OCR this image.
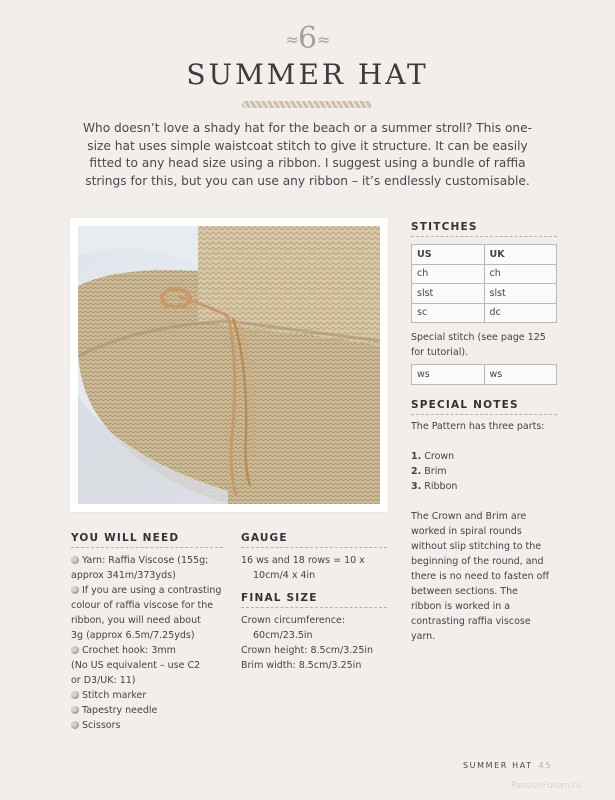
≈6≈
SUMMER HAT
Who doesn’t love a shady hat for the beach or a summer stroll? This one-size hat uses simple waistcoat stitch to give it structure. It can be easily fitted to any head size using a ribbon. I suggest using a bundle of raffia strings for this, but you can use any ribbon – it’s endlessly customisable.
STITCHES
US	UK
ch	ch
slst	slst
sc	dc
Special stitch (see page 125 for tutorial).
ws	ws
SPECIAL NOTES
The Pattern has three parts:
1. Crown
2. Brim
3. Ribbon
The Crown and Brim are worked in spiral rounds without slip stitching to the beginning of the round, and there is no need to fasten off between sections. The ribbon is worked in a contrasting raffia viscose yarn.
YOU WILL NEED
Yarn: Raffia Viscose (155g;
approx 341m/373yds)
If you are using a contrasting
colour of raffia viscose for the
ribbon, you will need about
3g (approx 6.5m/7.25yds)
Crochet hook: 3mm
(No US equivalent – use C2
or D3/UK: 11)
Stitch marker
Tapestry needle
Scissors
GAUGE
16 ws and 18 rows = 10 x
10cm/4 x 4in
FINAL SIZE
Crown circumference:
60cm/23.5in
Crown height: 8.5cm/3.25in
Brim width: 8.5cm/3.25in
SUMMER HAT 45
PassionForum.ru
